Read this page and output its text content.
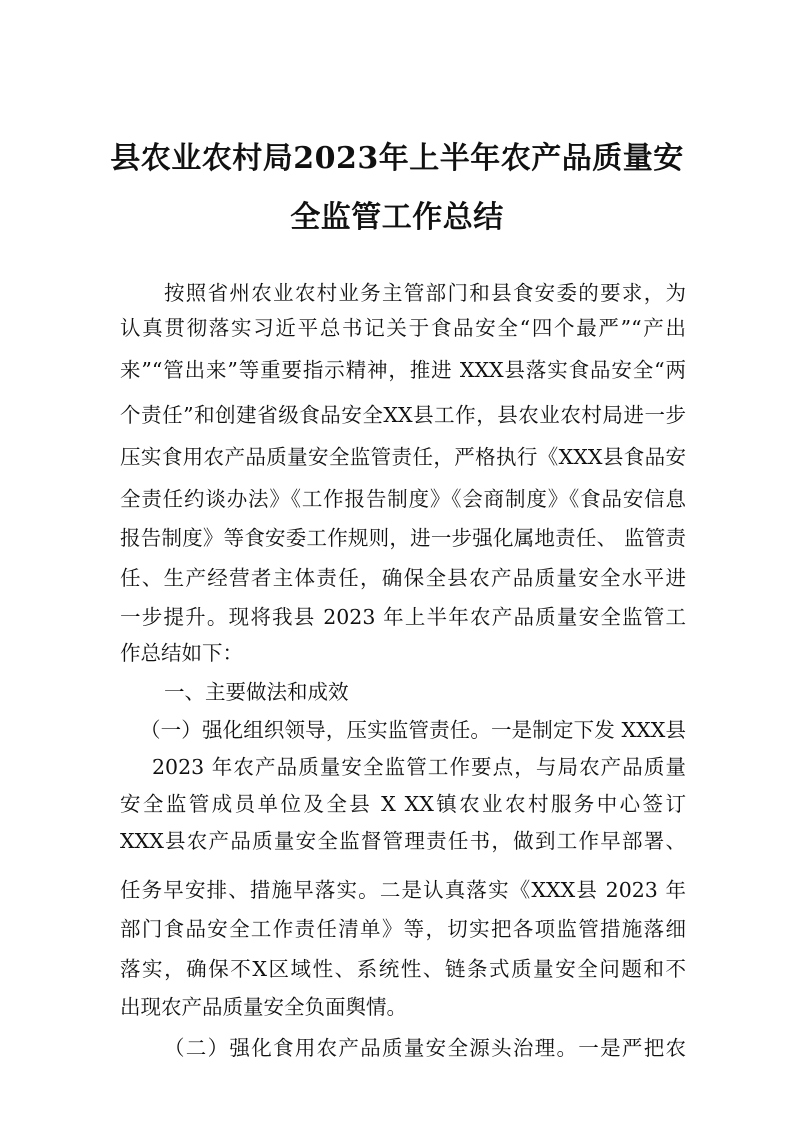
县农业农村局2023年上半年农产品质量安
全监管工作总结
按照省州农业农村业务主管部门和县食安委的要求，为
认真贯彻落实习近平总书记关于食品安全“四个最严”“产出
来”“管出来”等重要指示精神，推进 XXX县落实食品安全“两
个责任”和创建省级食品安全XX县工作，县农业农村局进一步
压实食用农产品质量安全监管责任，严格执行《XXX县食品安
全责任约谈办法》《工作报告制度》《会商制度》《食品安信息
报告制度》等食安委工作规则，进一步强化属地责任、 监管责
任、生产经营者主体责任，确保全县农产品质量安全水平进
一步提升。现将我县 2023 年上半年农产品质量安全监管工
作总结如下：
一、主要做法和成效
（一）强化组织领导，压实监管责任。一是制定下发 XXX县
2023 年农产品质量安全监管工作要点，与局农产品质量
安全监管成员单位及全县 X XX镇农业农村服务中心签订
XXX县农产品质量安全监督管理责任书，做到工作早部署、
任务早安排、措施早落实。二是认真落实《XXX县 2023 年
部门食品安全工作责任清单》等，切实把各项监管措施落细
落实，确保不X区域性、系统性、链条式质量安全问题和不
出现农产品质量安全负面舆情。
（二）强化食用农产品质量安全源头治理。一是严把农
